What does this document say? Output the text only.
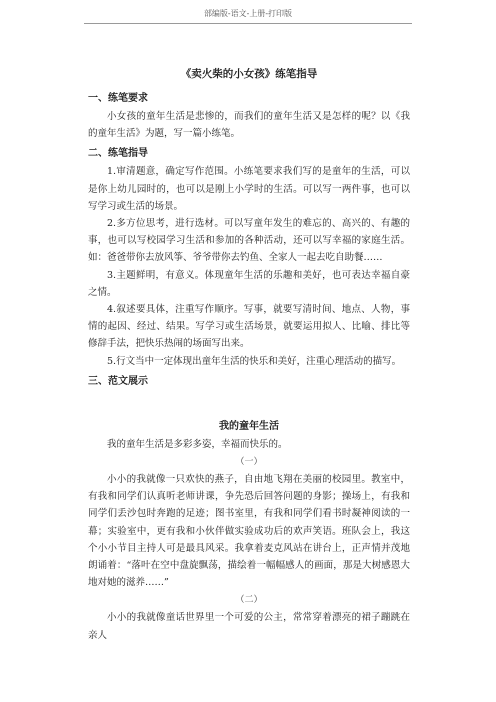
部编版-语文-上册-打印版
《卖火柴的小女孩》练笔指导
一、练笔要求

小女孩的童年生活是悲惨的，而我们的童年生活又是怎样的呢？以《我的童年生活》为题，写一篇小练笔。

二、练笔指导

1.审清题意，确定写作范围。小练笔要求我们写的是童年的生活，可以是你上幼儿园时的，也可以是刚上小学时的生活。可以写一两件事，也可以写学习或生活的场景。

2.多方位思考，进行选材。可以写童年发生的难忘的、高兴的、有趣的事，也可以写校园学习生活和参加的各种活动，还可以写幸福的家庭生活。如：爸爸带你去放风筝、爷爷带你去钓鱼、全家人一起去吃自助餐……

3.主题鲜明，有意义。体现童年生活的乐趣和美好，也可表达幸福自豪之情。

4.叙述要具体，注重写作顺序。写事，就要写清时间、地点、人物，事情的起因、经过、结果。写学习或生活场景，就要运用拟人、比喻、排比等修辞手法，把快乐热闹的场面写出来。

5.行文当中一定体现出童年生活的快乐和美好，注重心理活动的描写。

三、范文展示
我的童年生活

我的童年生活是多彩多姿，幸福而快乐的。

（一）

小小的我就像一只欢快的燕子，自由地飞翔在美丽的校园里。教室中，有我和同学们认真听老师讲课，争先恐后回答问题的身影；操场上，有我和同学们丢沙包时奔跑的足迹；图书室里，有我和同学们看书时凝神阅读的一幕；实验室中，更有我和小伙伴做实验成功后的欢声笑语。班队会上，我这个小小节目主持人可是最具风采。我拿着麦克风站在讲台上，正声情并茂地朗诵着：“落叶在空中盘旋飘荡，描绘着一幅幅感人的画面，那是大树感恩大地对她的滋养……”

（二）

小小的我就像童话世界里一个可爱的公主，常常穿着漂亮的裙子蹦跳在亲人
